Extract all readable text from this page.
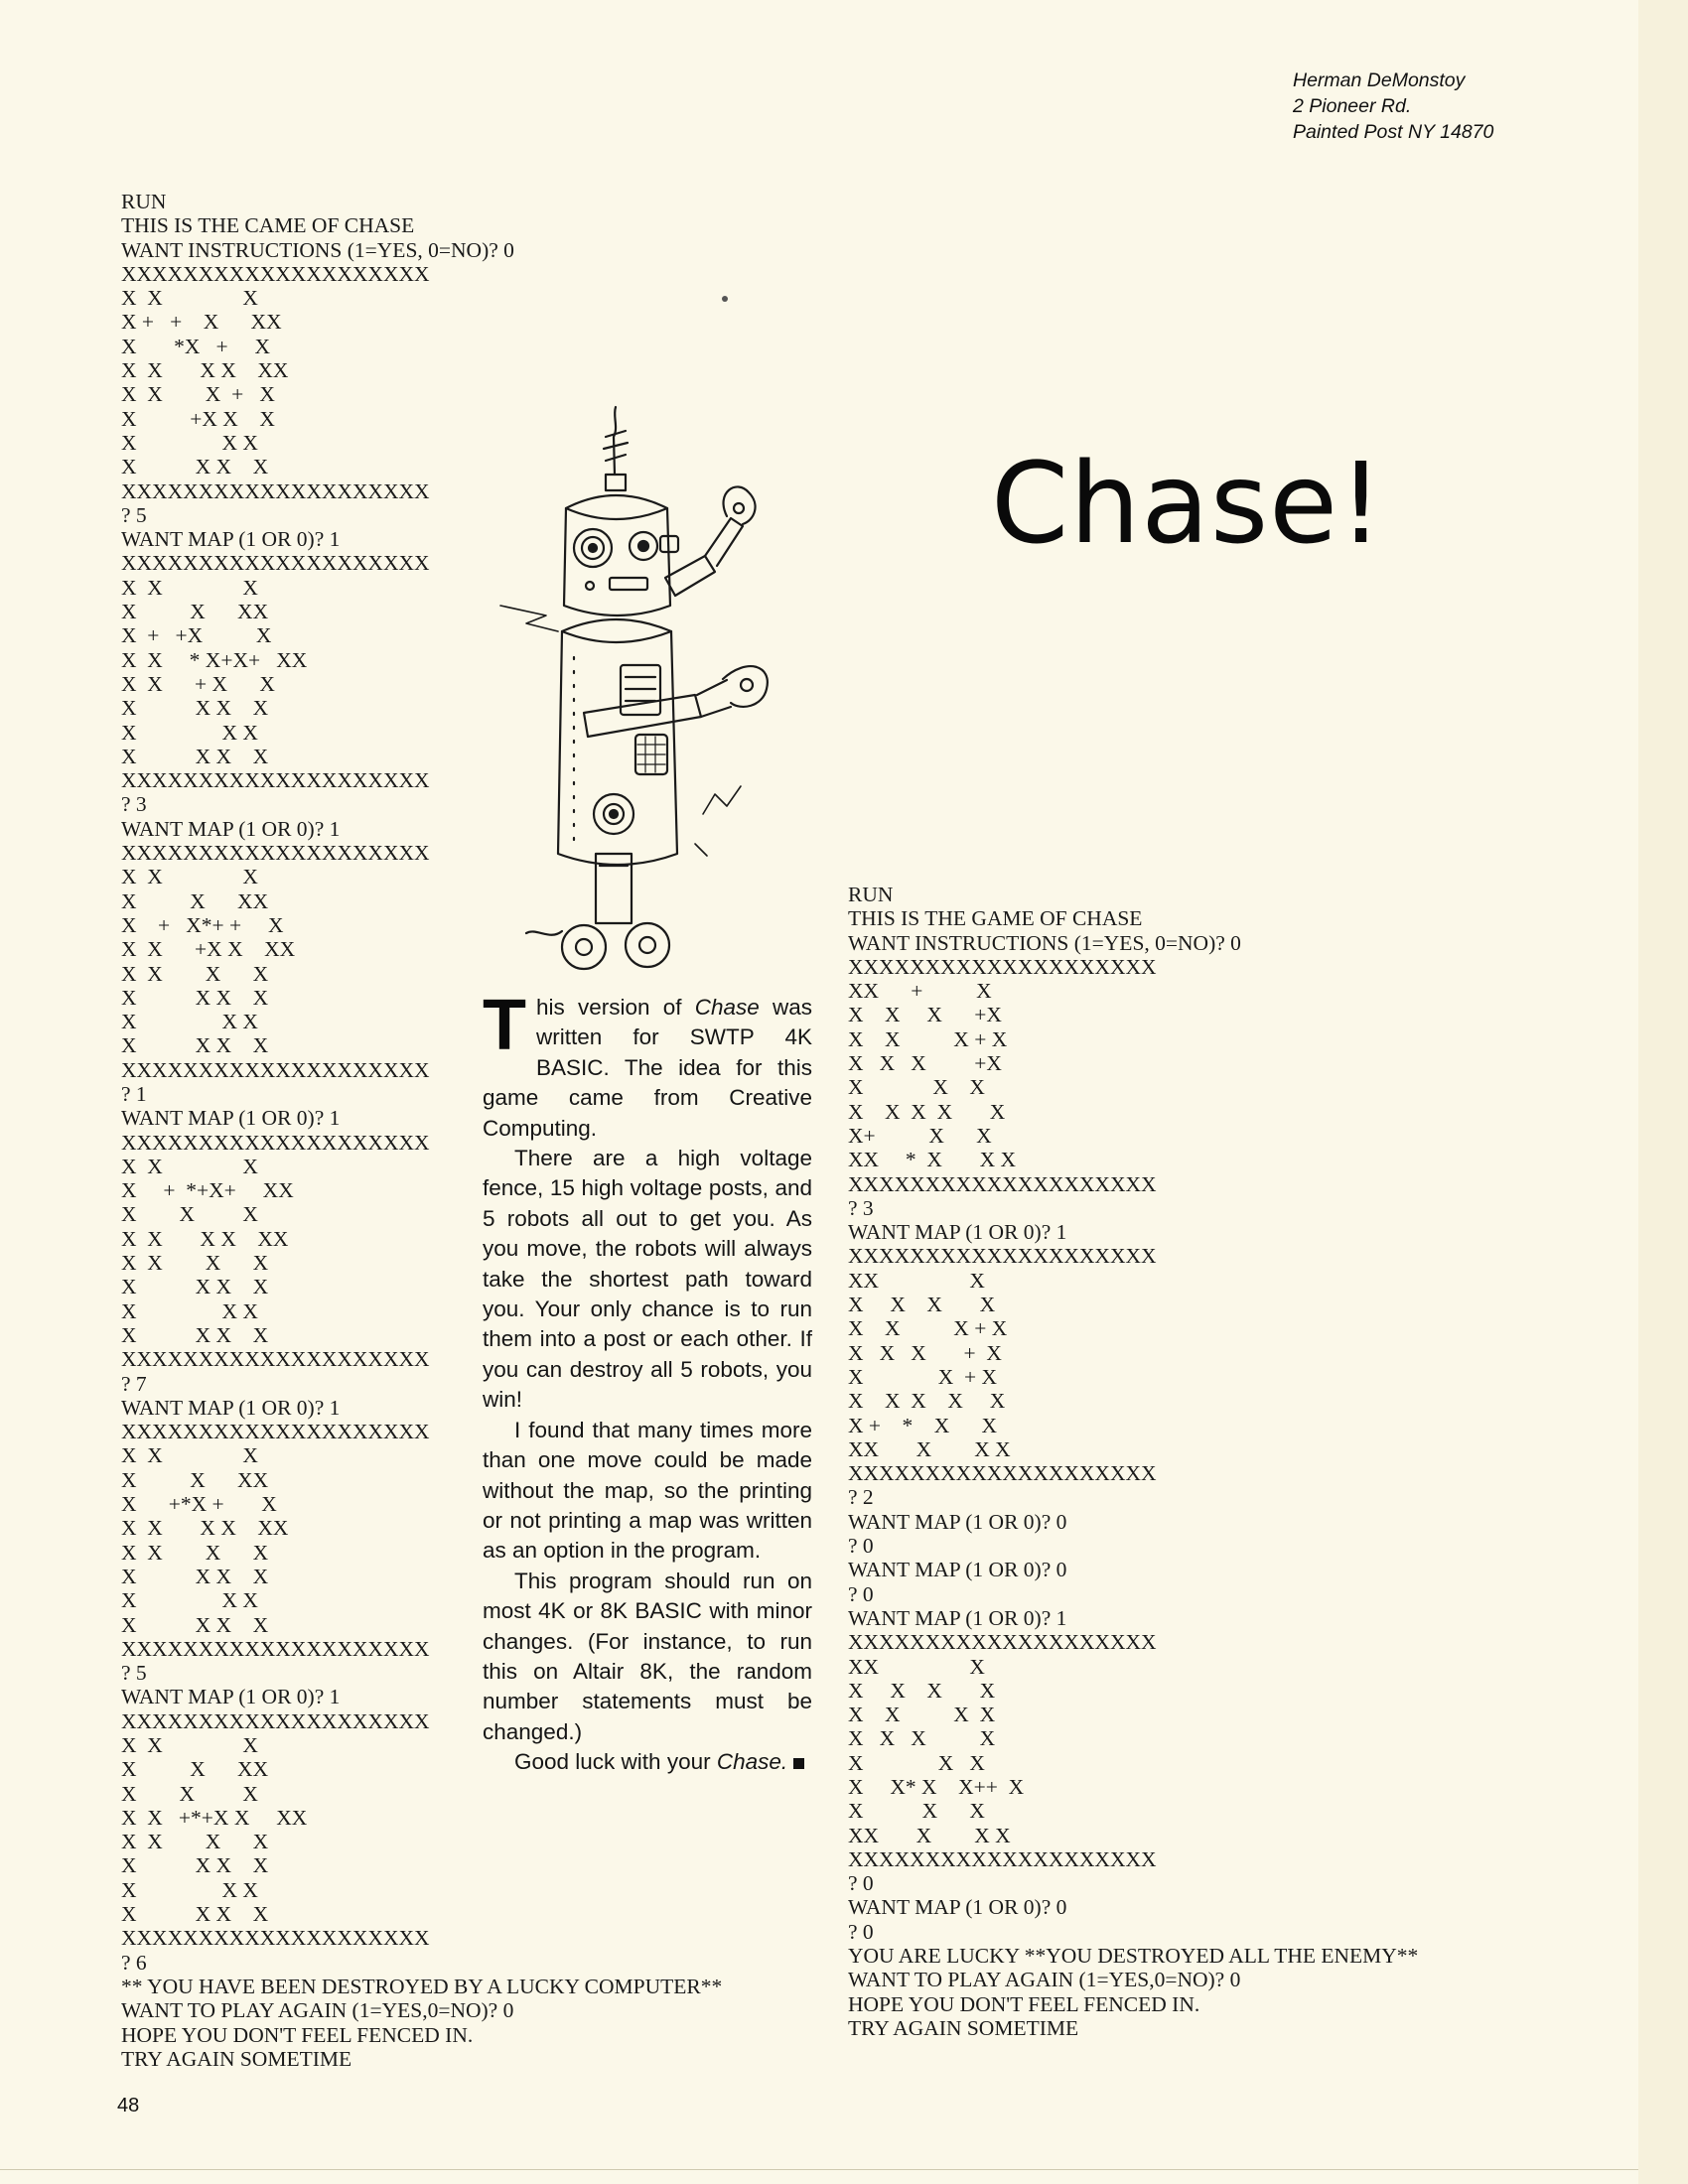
Herman DeMonstoy
2 Pioneer Rd.
Painted Post NY 14870
Chase!
RUN
THIS IS THE CAME OF CHASE
WANT INSTRUCTIONS (1=YES, 0=NO)? 0
XXXXXXXXXXXXXXXXXXXX
X  X               X
X +   +    X      XX
X       *X   +     X
X  X       X X    XX
X  X        X  +   X
X          +X X    X
X                X X
X           X X    X
XXXXXXXXXXXXXXXXXXXX
? 5
WANT MAP (1 OR 0)? 1
XXXXXXXXXXXXXXXXXXXX
X  X               X
X          X      XX
X  +   +X          X
X  X     * X+X+   XX
X  X      + X      X
X           X X    X
X                X X
X           X X    X
XXXXXXXXXXXXXXXXXXXX
? 3
WANT MAP (1 OR 0)? 1
XXXXXXXXXXXXXXXXXXXX
X  X               X
X          X      XX
X    +   X*+ +     X
X  X      +X X    XX
X  X        X      X
X           X X    X
X                X X
X           X X    X
XXXXXXXXXXXXXXXXXXXX
? 1
WANT MAP (1 OR 0)? 1
XXXXXXXXXXXXXXXXXXXX
X  X               X
X     +  *+X+     XX
X        X         X
X  X       X X    XX
X  X        X      X
X           X X    X
X                X X
X           X X    X
XXXXXXXXXXXXXXXXXXXX
? 7
WANT MAP (1 OR 0)? 1
XXXXXXXXXXXXXXXXXXXX
X  X               X
X          X      XX
X      +*X +       X
X  X       X X    XX
X  X        X      X
X           X X    X
X                X X
X           X X    X
XXXXXXXXXXXXXXXXXXXX
? 5
WANT MAP (1 OR 0)? 1
XXXXXXXXXXXXXXXXXXXX
X  X               X
X          X      XX
X        X         X
X  X   +*+X X     XX
X  X        X      X
X           X X    X
X                X X
X           X X    X
XXXXXXXXXXXXXXXXXXXX
? 6
** YOU HAVE BEEN DESTROYED BY A LUCKY COMPUTER**
WANT TO PLAY AGAIN (1=YES,0=NO)? 0
HOPE YOU DON'T FEEL FENCED IN.
TRY AGAIN SOMETIME
RUN
THIS IS THE GAME OF CHASE
WANT INSTRUCTIONS (1=YES, 0=NO)? 0
XXXXXXXXXXXXXXXXXXXX
XX      +          X
X    X     X      +X
X    X          X + X
X   X   X         +X
X             X    X
X    X  X  X       X
X+          X      X
XX     *  X       X X
XXXXXXXXXXXXXXXXXXXX
? 3
WANT MAP (1 OR 0)? 1
XXXXXXXXXXXXXXXXXXXX
XX                 X
X     X    X       X
X    X          X + X
X   X   X       +  X
X              X  + X
X    X  X    X     X
X +    *    X      X
XX       X        X X
XXXXXXXXXXXXXXXXXXXX
? 2
WANT MAP (1 OR 0)? 0
? 0
WANT MAP (1 OR 0)? 0
? 0
WANT MAP (1 OR 0)? 1
XXXXXXXXXXXXXXXXXXXX
XX                 X
X     X    X       X
X    X          X  X
X   X   X          X
X              X   X
X     X* X    X++  X
X           X      X
XX       X        X X
XXXXXXXXXXXXXXXXXXXX
? 0
WANT MAP (1 OR 0)? 0
? 0
YOU ARE LUCKY **YOU DESTROYED ALL THE ENEMY**
WANT TO PLAY AGAIN (1=YES,0=NO)? 0
HOPE YOU DON'T FEEL FENCED IN.
TRY AGAIN SOMETIME

This version of Chase was written for SWTP 4K BASIC. The idea for this game came from Creative Computing.

There are a high voltage fence, 15 high voltage posts, and 5 robots all out to get you. As you move, the robots will always take the shortest path toward you. Your only chance is to run them into a post or each other. If you can destroy all 5 robots, you win!

I found that many times more than one move could be made without the map, so the printing or not printing a map was written as an option in the program.

This program should run on most 4K or 8K BASIC with minor changes. (For instance, to run this on Altair 8K, the random number statements must be changed.)

Good luck with your Chase.

48
